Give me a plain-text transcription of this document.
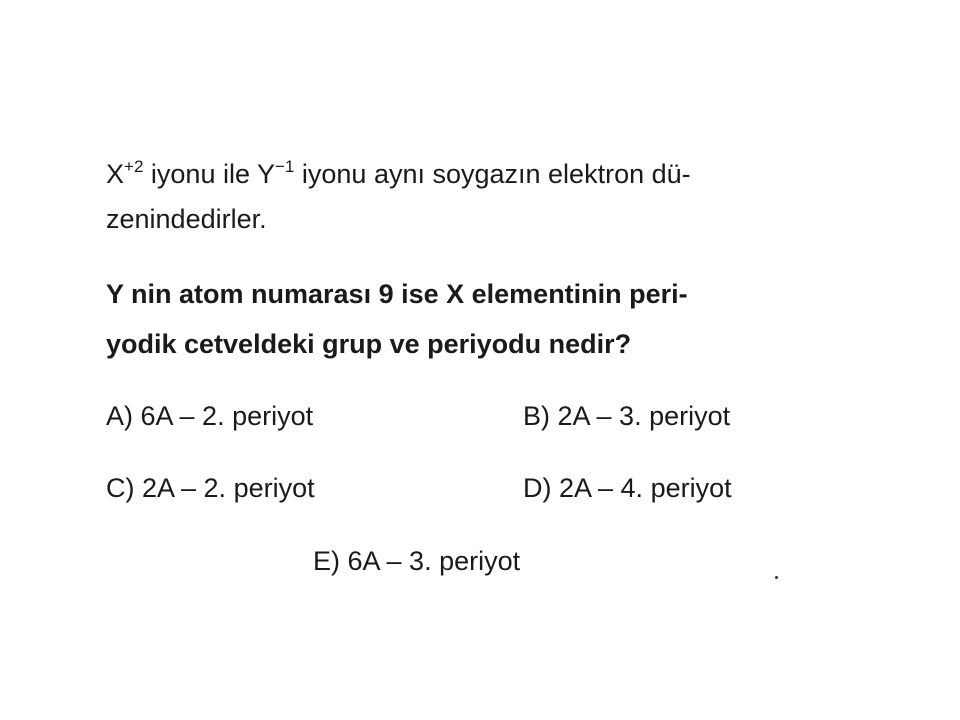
$X^{+2}$ iyonu ile $Y^{-1}$ iyonu aynı soygazın elektron dü-
zenindedirler.
Y nin atom numarası 9 ise X elementinin peri-
yodik cetveldeki grup ve periyodu nedir?
A) 6A – 2. periyot	B) 2A – 3. periyot
C) 2A – 2. periyot	D) 2A – 4. periyot
E) 6A – 3. periyot
